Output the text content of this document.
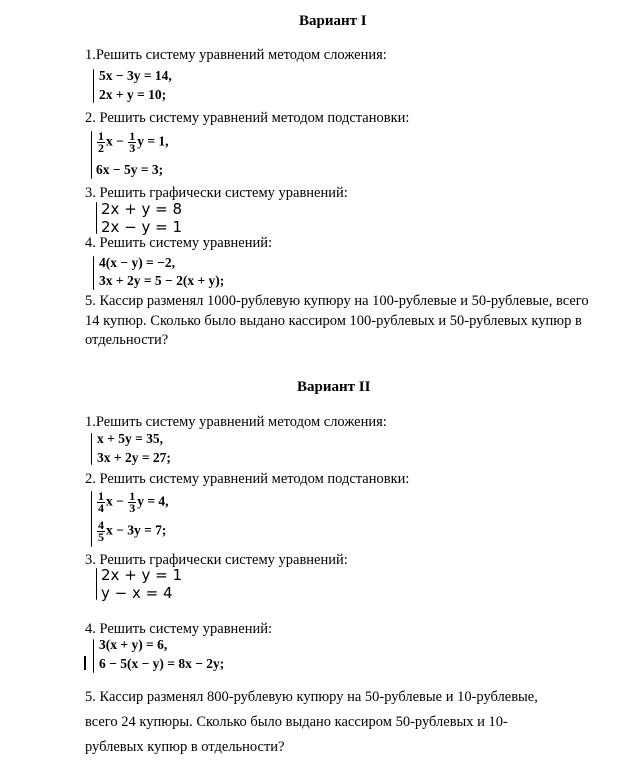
Вариант I
1.Решить систему уравнений методом сложения:
5x − 3y = 14,
2x + y = 10;
2. Решить систему уравнений методом подстановки:
$\frac{1}{2}$ $x - \frac{1}{3}$ y = 1,
6x − 5y = 3;
3. Решить графически систему уравнений:
2x + y = 8
2x − y = 1
4. Решить систему уравнений:
4(x − y) = −2,
3x + 2y = 5 − 2(x + y);
5. Кассир разменял 1000-рублевую купюру на 100-рублевые и 50-рублевые, всего 14 купюр. Сколько было выдано кассиром 100-рублевых и 50-рублевых купюр в отдельности?
Вариант II
1.Решить систему уравнений методом сложения:
x + 5y = 35,
3x + 2y = 27;
2. Решить систему уравнений методом подстановки:
$\frac{1}{4}$ $x - \frac{1}{3}$ y = 4,
$\frac{4}{5}$ x − 3y = 7;
3. Решить графически систему уравнений:
2x + y = 1
y − x = 4
4. Решить систему уравнений:
3(x + y) = 6,
6 − 5(x − y) = 8x − 2y;
5. Кассир разменял 800-рублевую купюру на 50-рублевые и 10-рублевые,
всего 24 купюры. Сколько было выдано кассиром 50-рублевых и 10-
рублевых купюр в отдельности?
